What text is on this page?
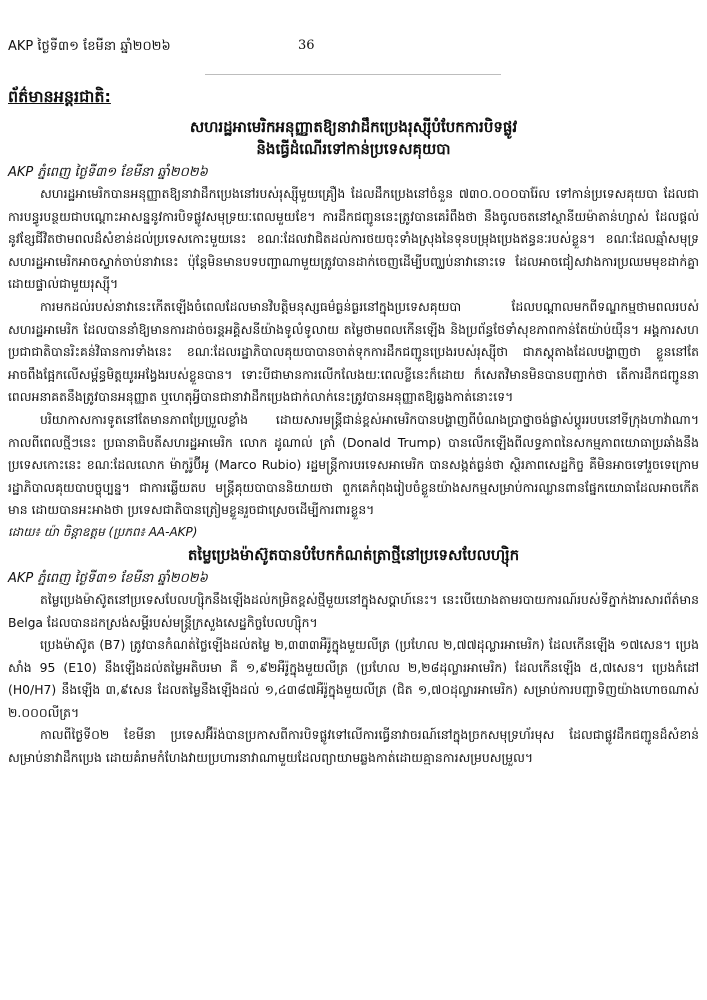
AKP ថ្ងៃទី៣១ ខែមីនា ឆ្នាំ២០២៦	36
ព័ត៌មានអន្តរជាតិ:

សហរដ្ឋអាមេរិកអនុញ្ញាតឱ្យនាវាដឹកប្រេងរុស្ស៊ីបំបែកការបិទផ្លូវ

និងធ្វើដំណើរទៅកាន់ប្រទេសគុយបា

AKP ភ្នំពេញ ថ្ងៃទី៣១ ខែមីនា ឆ្នាំ២០២៦

សហរដ្ឋអាមេរិកបានអនុញ្ញាតឱ្យនាវាដឹកប្រេងនៅរបស់រុស្ស៊ីមួយគ្រឿង ដែលដឹកប្រេងនៅចំនួន ៧៣០.០០០បារ៉ែល ទៅកាន់ប្រទេសគុយបា ដែលជាការបន្ធូរបន្ថយជាបណ្ដោះអាសន្ននូវការបិទផ្លូវសមុទ្រយៈពេលមួយខែ។ ការដឹកជញ្ជូននេះត្រូវបានគេរំពឹងថា នឹងចូលចតនៅស្ថានីយម៉ាតាន់ហ្សាស់ ដែលផ្ដល់នូវខ្សែជីវិតថាមពលដ៏សំខាន់ដល់ប្រទេសកោះមួយនេះ ខណៈដែលវាជិតដល់ការថយចុះទាំងស្រុងនៃទុនបម្រុងប្រេងឥន្ធនៈរបស់ខ្លួន។ ខណៈដែលឆ្មាំសមុទ្រសហរដ្ឋអាមេរិកអាចស្ទាក់ចាប់នាវានេះ ប៉ុន្តែមិនមានបទបញ្ជាណាមួយត្រូវបានដាក់ចេញដើម្បីបញ្ឈប់នាវានោះទេ ដែលអាចជៀសវាងការប្រឈមមុខដាក់គ្នាដោយផ្ទាល់ជាមួយរុស្ស៊ី។

ការមកដល់របស់នាវានេះកើតឡើងចំពេលដែលមានវិបត្តិមនុស្សធម៌ធ្ងន់ធ្ងរនៅក្នុងប្រទេសគុយបា ដែលបណ្ដាលមកពីទណ្ឌកម្មថាមពលរបស់សហរដ្ឋអាមេរិក ដែលបាននាំឱ្យមានការដាច់ចរន្តអគ្គិសនីយ៉ាងទូលំទូលាយ តម្លៃថាមពលកើនឡើង និងប្រព័ន្ធថែទាំសុខភាពកាន់តែយ៉ាប់យ៉ឺន។ អង្គការសហប្រជាជាតិបានរិះគន់វិធានការទាំងនេះ ខណៈដែលរដ្ឋាភិបាលគុយបាបានចាត់ទុកការដឹកជញ្ជូនប្រេងរបស់រុស្ស៊ីថា ជាភស្ដុតាងដែលបង្ហាញថា ខ្លួននៅតែអាចពឹងផ្អែកលើសម្ព័ន្ធមិត្តយូរអង្វែងរបស់ខ្លួនបាន។ ទោះបីជាមានការលើកលែងយៈពេលខ្លីនេះក៏ដោយ ក៏សេតវិមានមិនបានបញ្ជាក់ថា តើការដឹកជញ្ជូននាពេលអនាគតនឹងត្រូវបានអនុញ្ញាត ឬហេតុអ្វីបានជានាវាដឹកប្រេងជាក់លាក់នេះត្រូវបានអនុញ្ញាតឱ្យឆ្លងកាត់នោះទេ។

បរិយាកាសការទូតនៅតែមានភាពប្រែប្រួលខ្លាំង ដោយសារមន្ត្រីជាន់ខ្ពស់អាមេរិកបានបង្ហាញពីបំណងប្រាថ្នាចង់ផ្លាស់ប្ដូររបបនៅទីក្រុងហាវ៉ាណា។ កាលពីពេលថ្មីៗនេះ ប្រធានាធិបតីសហរដ្ឋអាមេរិក លោក ដូណាល់ ត្រាំ (Donald Trump) បានលើកឡើងពីលទ្ធភាពនៃសកម្មភាពយោធាប្រឆាំងនឹងប្រទេសកោះនេះ ខណៈដែលលោក ម៉ាកូរ៉ូប៊ីអូ (Marco Rubio) រដ្ឋមន្ត្រីការបរទេសអាមេរិក បានសង្កត់ធ្ងន់ថា ស្ថិរភាពសេដ្ឋកិច្ច គឺមិនអាចទៅរួចទេក្រោមរដ្ឋាភិបាលគុយបាបច្ចុប្បន្ន។ ជាការឆ្លើយតប មន្ត្រីគុយបាបាននិយាយថា ពួកគេកំពុងរៀបចំខ្លួនយ៉ាងសកម្មសម្រាប់ការឈ្លានពានផ្នែកយោធាដែលអាចកើតមាន ដោយបានអះអាងថា ប្រទេសជាតិបានត្រៀមខ្លួនរួចជាស្រេចដើម្បីការពារខ្លួន។

ដោយ៖ យ៉ា ចិន្តាឧត្ដម (ប្រភព៖ AA-AKP)

តម្លៃប្រេងម៉ាស៊ូតបានបំបែកកំណត់ត្រាថ្មីនៅប្រទេសបែលហ្ស៊ិក

AKP ភ្នំពេញ ថ្ងៃទី៣១ ខែមីនា ឆ្នាំ២០២៦

តម្លៃប្រេងម៉ាស៊ូតនៅប្រទេសបែលហ្ស៊ិកនឹងឡើងដល់កម្រិតខ្ពស់ថ្មីមួយនៅក្នុងសប្ដាហ៍នេះ។ នេះបើយោងតាមរបាយការណ៍របស់ទីភ្នាក់ងារសារព័ត៌មាន Belga ដែលបានដកស្រង់សម្ដីរបស់មន្ត្រីក្រសួងសេដ្ឋកិច្ចបែលហ្ស៊ិក។

ប្រេងម៉ាស៊ូត (B7) ត្រូវបានកំណត់ថ្លៃឡើងដល់តម្លៃ ២,៣៣៣អឺរ៉ូក្នុងមួយលីត្រ (ប្រហែល ២,៧៧ដុល្លារអាមេរិក) ដែលកើនឡើង ១៧សេន។ ប្រេងសាំង 95 (E10) នឹងឡើងដល់តម្លៃអតិបរមា គឺ ១,៩២អឺរ៉ូក្នុងមួយលីត្រ (ប្រហែល ២,២៨ដុល្លារអាមេរិក) ដែលកើនឡើង ៥,៧សេន។ ប្រេងកំដៅ (H0/H7) នឹងឡើង ៣,៩សេន ដែលតម្លៃនឹងឡើងដល់ ១,៤៣៨៧អឺរ៉ូក្នុងមួយលីត្រ (ជិត ១,៧០ដុល្លារអាមេរិក) សម្រាប់ការបញ្ជាទិញយ៉ាងហោចណាស់ ២.០០០លីត្រ។

កាលពីថ្ងៃទី០២ ខែមីនា ប្រទេសអ៊ីរ៉ង់បានប្រកាសពីការបិទផ្លូវទៅលើការធ្វើនាវាចរណ៍នៅក្នុងច្រកសមុទ្រហ័រមុស ដែលជាផ្លូវដឹកជញ្ជូនដ៏សំខាន់សម្រាប់នាវាដឹកប្រេង ដោយគំរាមកំហែងវាយប្រហារនាវាណាមួយដែលព្យាយាមឆ្លងកាត់ដោយគ្មានការសម្របសម្រួល។
